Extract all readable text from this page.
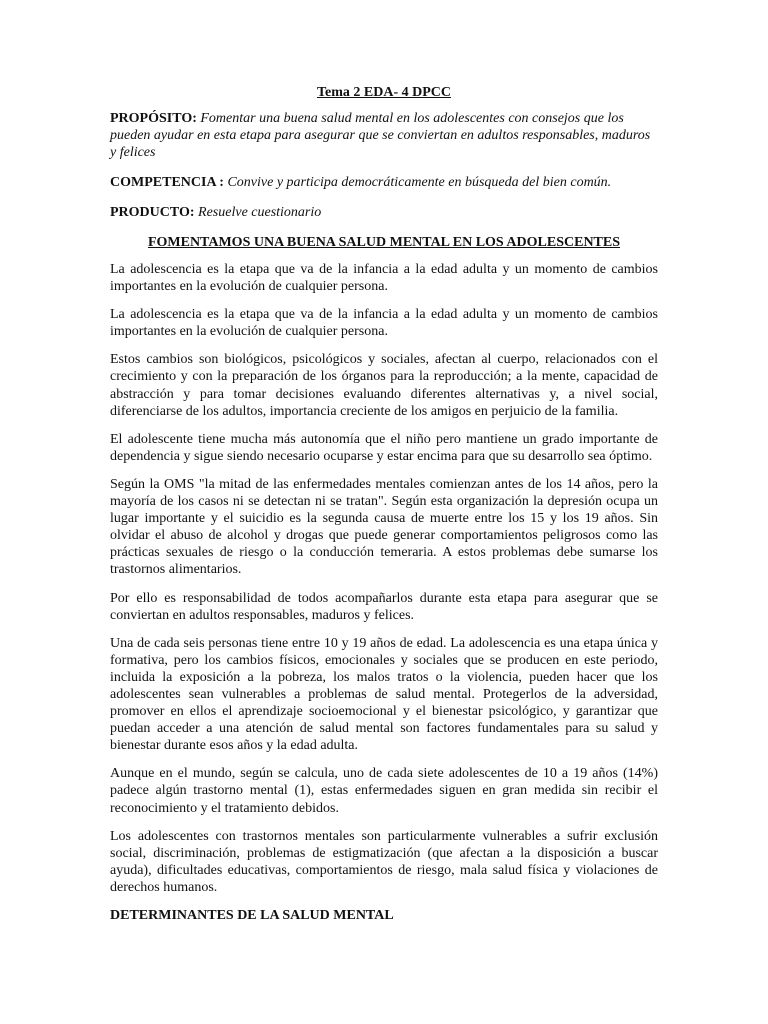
Tema 2 EDA- 4 DPCC
PROPÓSITO: Fomentar una buena salud mental en los adolescentes con consejos que los pueden ayudar en esta etapa para asegurar que se conviertan en adultos responsables, maduros y felices
COMPETENCIA : Convive y participa democráticamente en búsqueda del bien común.
PRODUCTO: Resuelve cuestionario
FOMENTAMOS UNA BUENA SALUD MENTAL EN LOS ADOLESCENTES

La adolescencia es la etapa que va de la infancia a la edad adulta y un momento de cambios importantes en la evolución de cualquier persona.

La adolescencia es la etapa que va de la infancia a la edad adulta y un momento de cambios importantes en la evolución de cualquier persona.

Estos cambios son biológicos, psicológicos y sociales, afectan al cuerpo, relacionados con el crecimiento y con la preparación de los órganos para la reproducción; a la mente, capacidad de abstracción y para tomar decisiones evaluando diferentes alternativas y, a nivel social, diferenciarse de los adultos, importancia creciente de los amigos en perjuicio de la familia.

El adolescente tiene mucha más autonomía que el niño pero mantiene un grado importante de dependencia y sigue siendo necesario ocuparse y estar encima para que su desarrollo sea óptimo.

Según la OMS "la mitad de las enfermedades mentales comienzan antes de los 14 años, pero la mayoría de los casos ni se detectan ni se tratan". Según esta organización la depresión ocupa un lugar importante y el suicidio es la segunda causa de muerte entre los 15 y los 19 años. Sin olvidar el abuso de alcohol y drogas que puede generar comportamientos peligrosos como las prácticas sexuales de riesgo o la conducción temeraria. A estos problemas debe sumarse los trastornos alimentarios.

Por ello es responsabilidad de todos acompañarlos durante esta etapa para asegurar que se conviertan en adultos responsables, maduros y felices.

Una de cada seis personas tiene entre 10 y 19 años de edad. La adolescencia es una etapa única y formativa, pero los cambios físicos, emocionales y sociales que se producen en este periodo, incluida la exposición a la pobreza, los malos tratos o la violencia, pueden hacer que los adolescentes sean vulnerables a problemas de salud mental. Protegerlos de la adversidad, promover en ellos el aprendizaje socioemocional y el bienestar psicológico, y garantizar que puedan acceder a una atención de salud mental son factores fundamentales para su salud y bienestar durante esos años y la edad adulta.

Aunque en el mundo, según se calcula, uno de cada siete adolescentes de 10 a 19 años (14%) padece algún trastorno mental (1), estas enfermedades siguen en gran medida sin recibir el reconocimiento y el tratamiento debidos.

Los adolescentes con trastornos mentales son particularmente vulnerables a sufrir exclusión social, discriminación, problemas de estigmatización (que afectan a la disposición a buscar ayuda), dificultades educativas, comportamientos de riesgo, mala salud física y violaciones de derechos humanos.

DETERMINANTES DE LA SALUD MENTAL
